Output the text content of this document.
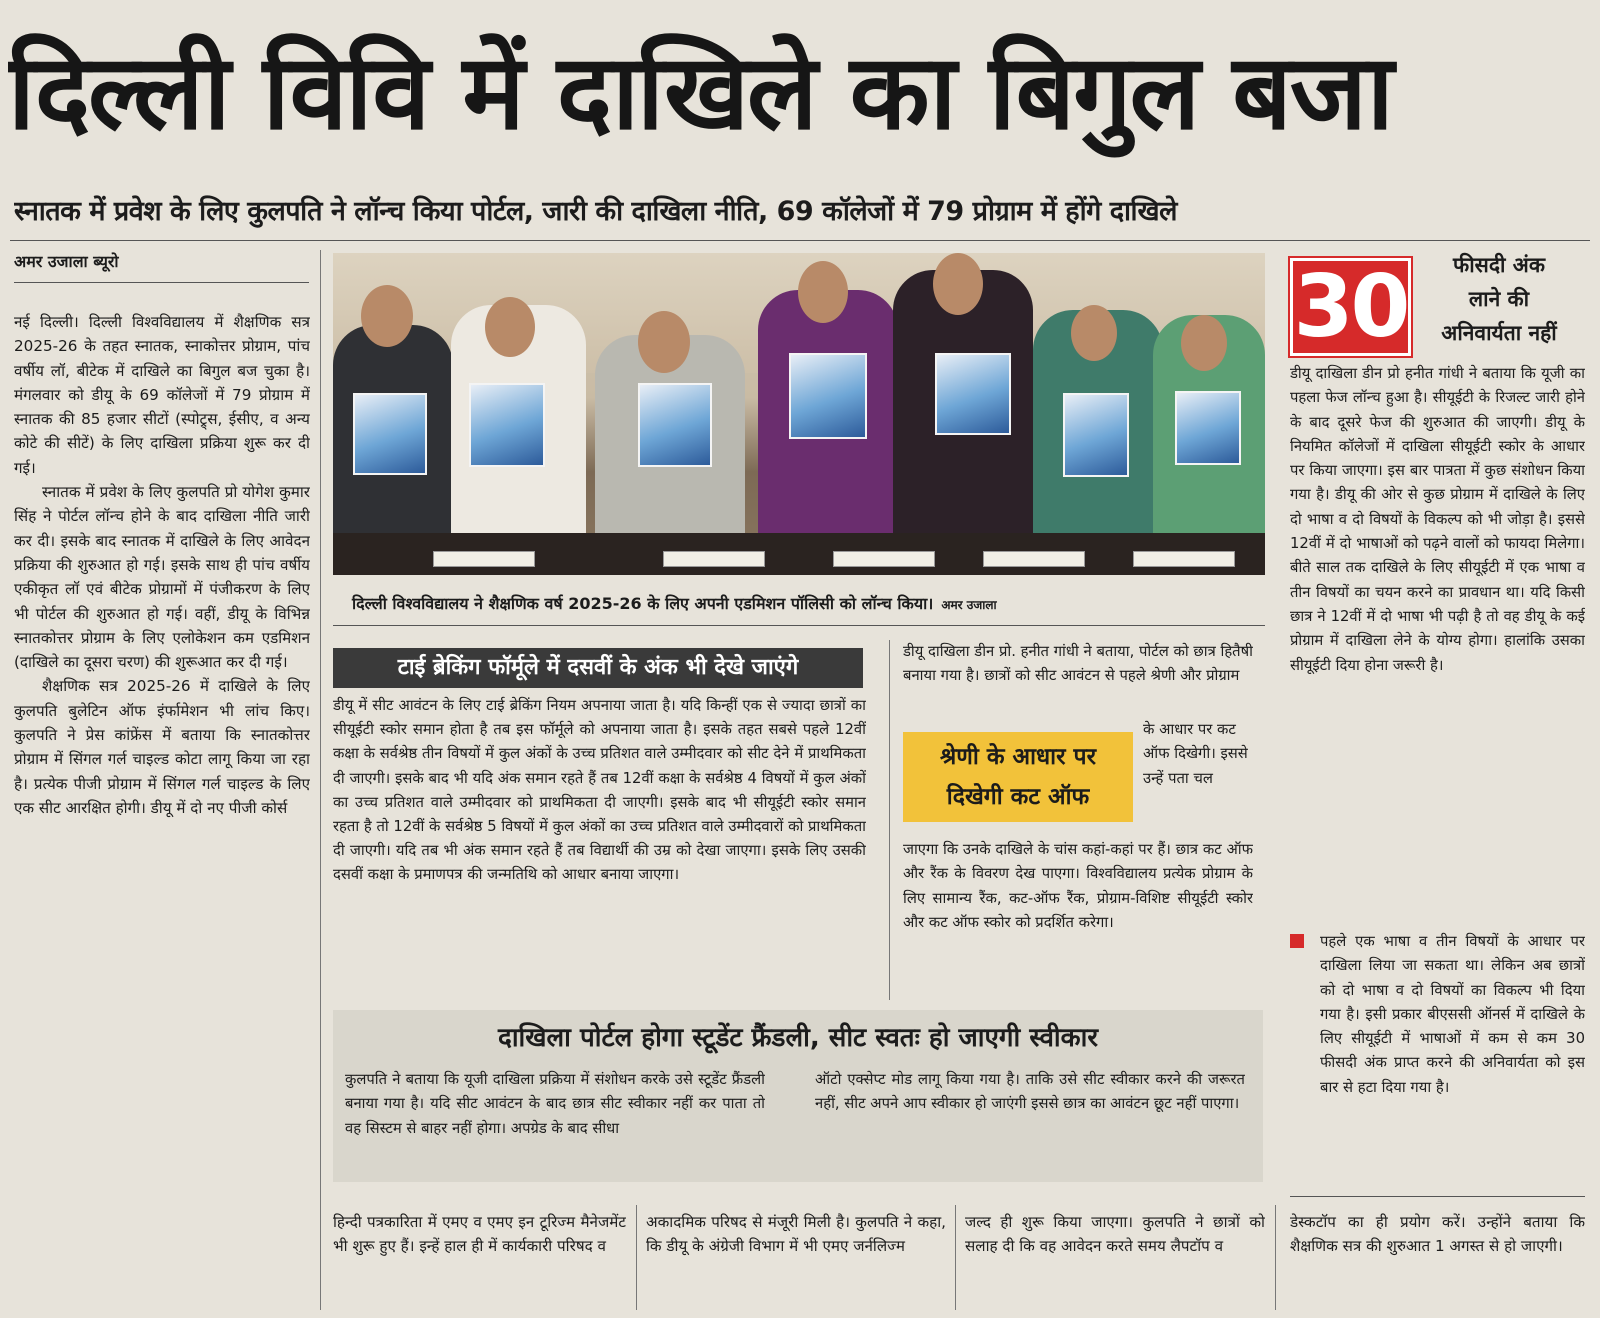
दिल्ली विवि में दाखिले का बिगुल बजा
स्नातक में प्रवेश के लिए कुलपति ने लॉन्च किया पोर्टल, जारी की दाखिला नीति, 69 कॉलेजों में 79 प्रोग्राम में होंगे दाखिले
अमर उजाला ब्यूरो

नई दिल्ली। दिल्ली विश्वविद्यालय में शैक्षणिक सत्र 2025-26 के तहत स्नातक, स्नाकोत्तर प्रोग्राम, पांच वर्षीय लॉ, बीटेक में दाखिले का बिगुल बज चुका है। मंगलवार को डीयू के 69 कॉलेजों में 79 प्रोग्राम में स्नातक की 85 हजार सीटों (स्पोट्र्स, ईसीए, व अन्य कोटे की सीटें) के लिए दाखिला प्रक्रिया शुरू कर दी गई।

स्नातक में प्रवेश के लिए कुलपति प्रो योगेश कुमार सिंह ने पोर्टल लॉन्च होने के बाद दाखिला नीति जारी कर दी। इसके बाद स्नातक में दाखिले के लिए आवेदन प्रक्रिया की शुरुआत हो गई। इसके साथ ही पांच वर्षीय एकीकृत लॉ एवं बीटेक प्रोग्रामों में पंजीकरण के लिए भी पोर्टल की शुरुआत हो गई। वहीं, डीयू के विभिन्न स्नातकोत्तर प्रोग्राम के लिए एलोकेशन कम एडमिशन (दाखिले का दूसरा चरण) की शुरूआत कर दी गई।

शैक्षणिक सत्र 2025-26 में दाखिले के लिए कुलपति बुलेटिन ऑफ इंर्फामेशन भी लांच किए। कुलपति ने प्रेस कांफ्रेंस में बताया कि स्नातकोत्तर प्रोग्राम में सिंगल गर्ल चाइल्ड कोटा लागू किया जा रहा है। प्रत्येक पीजी प्रोग्राम में सिंगल गर्ल चाइल्ड के लिए एक सीट आरक्षित होगी। डीयू में दो नए पीजी कोर्स

दिल्ली विश्वविद्यालय ने शैक्षणिक वर्ष 2025-26 के लिए अपनी एडमिशन पॉलिसी को लॉन्च किया। अमर उजाला
टाई ब्रेकिंग फॉर्मूले में दसवीं के अंक भी देखे जाएंगे
डीयू में सीट आवंटन के लिए टाई ब्रेकिंग नियम अपनाया जाता है। यदि किन्हीं एक से ज्यादा छात्रों का सीयूईटी स्कोर समान होता है तब इस फॉर्मूले को अपनाया जाता है। इसके तहत सबसे पहले 12वीं कक्षा के सर्वश्रेष्ठ तीन विषयों में कुल अंकों के उच्च प्रतिशत वाले उम्मीदवार को सीट देने में प्राथमिकता दी जाएगी। इसके बाद भी यदि अंक समान रहते हैं तब 12वीं कक्षा के सर्वश्रेष्ठ 4 विषयों में कुल अंकों का उच्च प्रतिशत वाले उम्मीदवार को प्राथमिकता दी जाएगी। इसके बाद भी सीयूईटी स्कोर समान रहता है तो 12वीं के सर्वश्रेष्ठ 5 विषयों में कुल अंकों का उच्च प्रतिशत वाले उम्मीदवारों को प्राथमिकता दी जाएगी। यदि तब भी अंक समान रहते हैं तब विद्यार्थी की उम्र को देखा जाएगा। इसके लिए उसकी दसवीं कक्षा के प्रमाणपत्र की जन्मतिथि को आधार बनाया जाएगा।
डीयू दाखिला डीन प्रो. हनीत गांधी ने बताया, पोर्टल को छात्र हितैषी बनाया गया है। छात्रों को सीट आवंटन से पहले श्रेणी और प्रोग्राम
श्रेणी के आधार पर
दिखेगी कट ऑफ
के आधार पर कट ऑफ दिखेगी। इससे उन्हें पता चल
जाएगा कि उनके दाखिले के चांस कहां-कहां पर हैं। छात्र कट ऑफ और रैंक के विवरण देख पाएगा। विश्वविद्यालय प्रत्येक प्रोग्राम के लिए सामान्य रैंक, कट-ऑफ रैंक, प्रोग्राम-विशिष्ट सीयूईटी स्कोर और कट ऑफ स्कोर को प्रदर्शित करेगा।
दाखिला पोर्टल होगा स्टूडेंट फ्रैंडली, सीट स्वतः हो जाएगी स्वीकार
कुलपति ने बताया कि यूजी दाखिला प्रक्रिया में संशोधन करके उसे स्टूडेंट फ्रैंडली बनाया गया है। यदि सीट आवंटन के बाद छात्र सीट स्वीकार नहीं कर पाता तो वह सिस्टम से बाहर नहीं होगा। अपग्रेड के बाद सीधा
ऑटो एक्सेप्ट मोड लागू किया गया है। ताकि उसे सीट स्वीकार करने की जरूरत नहीं, सीट अपने आप स्वीकार हो जाएंगी इससे छात्र का आवंटन छूट नहीं पाएगा।
हिन्दी पत्रकारिता में एमए व एमए इन टूरिज्म मैनेजमेंट भी शुरू हुए हैं। इन्हें हाल ही में कार्यकारी परिषद व
अकादमिक परिषद से मंजूरी मिली है। कुलपति ने कहा, कि डीयू के अंग्रेजी विभाग में भी एमए जर्नलिज्म
जल्द ही शुरू किया जाएगा। कुलपति ने छात्रों को सलाह दी कि वह आवेदन करते समय लैपटॉप व
डेस्कटॉप का ही प्रयोग करें। उन्होंने बताया कि शैक्षणिक सत्र की शुरुआत 1 अगस्त से हो जाएगी।
30	फीसदी अंक
लाने की
अनिवार्यता नहीं
डीयू दाखिला डीन प्रो हनीत गांधी ने बताया कि यूजी का पहला फेज लॉन्च हुआ है। सीयूईटी के रिजल्ट जारी होने के बाद दूसरे फेज की शुरुआत की जाएगी। डीयू के नियमित कॉलेजों में दाखिला सीयूईटी स्कोर के आधार पर किया जाएगा। इस बार पात्रता में कुछ संशोधन किया गया है। डीयू की ओर से कुछ प्रोग्राम में दाखिले के लिए दो भाषा व दो विषयों के विकल्प को भी जोड़ा है। इससे 12वीं में दो भाषाओं को पढ़ने वालों को फायदा मिलेगा। बीते साल तक दाखिले के लिए सीयूईटी में एक भाषा व तीन विषयों का चयन करने का प्रावधान था। यदि किसी छात्र ने 12वीं में दो भाषा भी पढ़ी है तो वह डीयू के कई प्रोग्राम में दाखिला लेने के योग्य होगा। हालांकि उसका सीयूईटी दिया होना जरूरी है।
पहले एक भाषा व तीन विषयों के आधार पर दाखिला लिया जा सकता था। लेकिन अब छात्रों को दो भाषा व दो विषयों का विकल्प भी दिया गया है। इसी प्रकार बीएससी ऑनर्स में दाखिले के लिए सीयूईटी में भाषाओं में कम से कम 30 फीसदी अंक प्राप्त करने की अनिवार्यता को इस बार से हटा दिया गया है।
